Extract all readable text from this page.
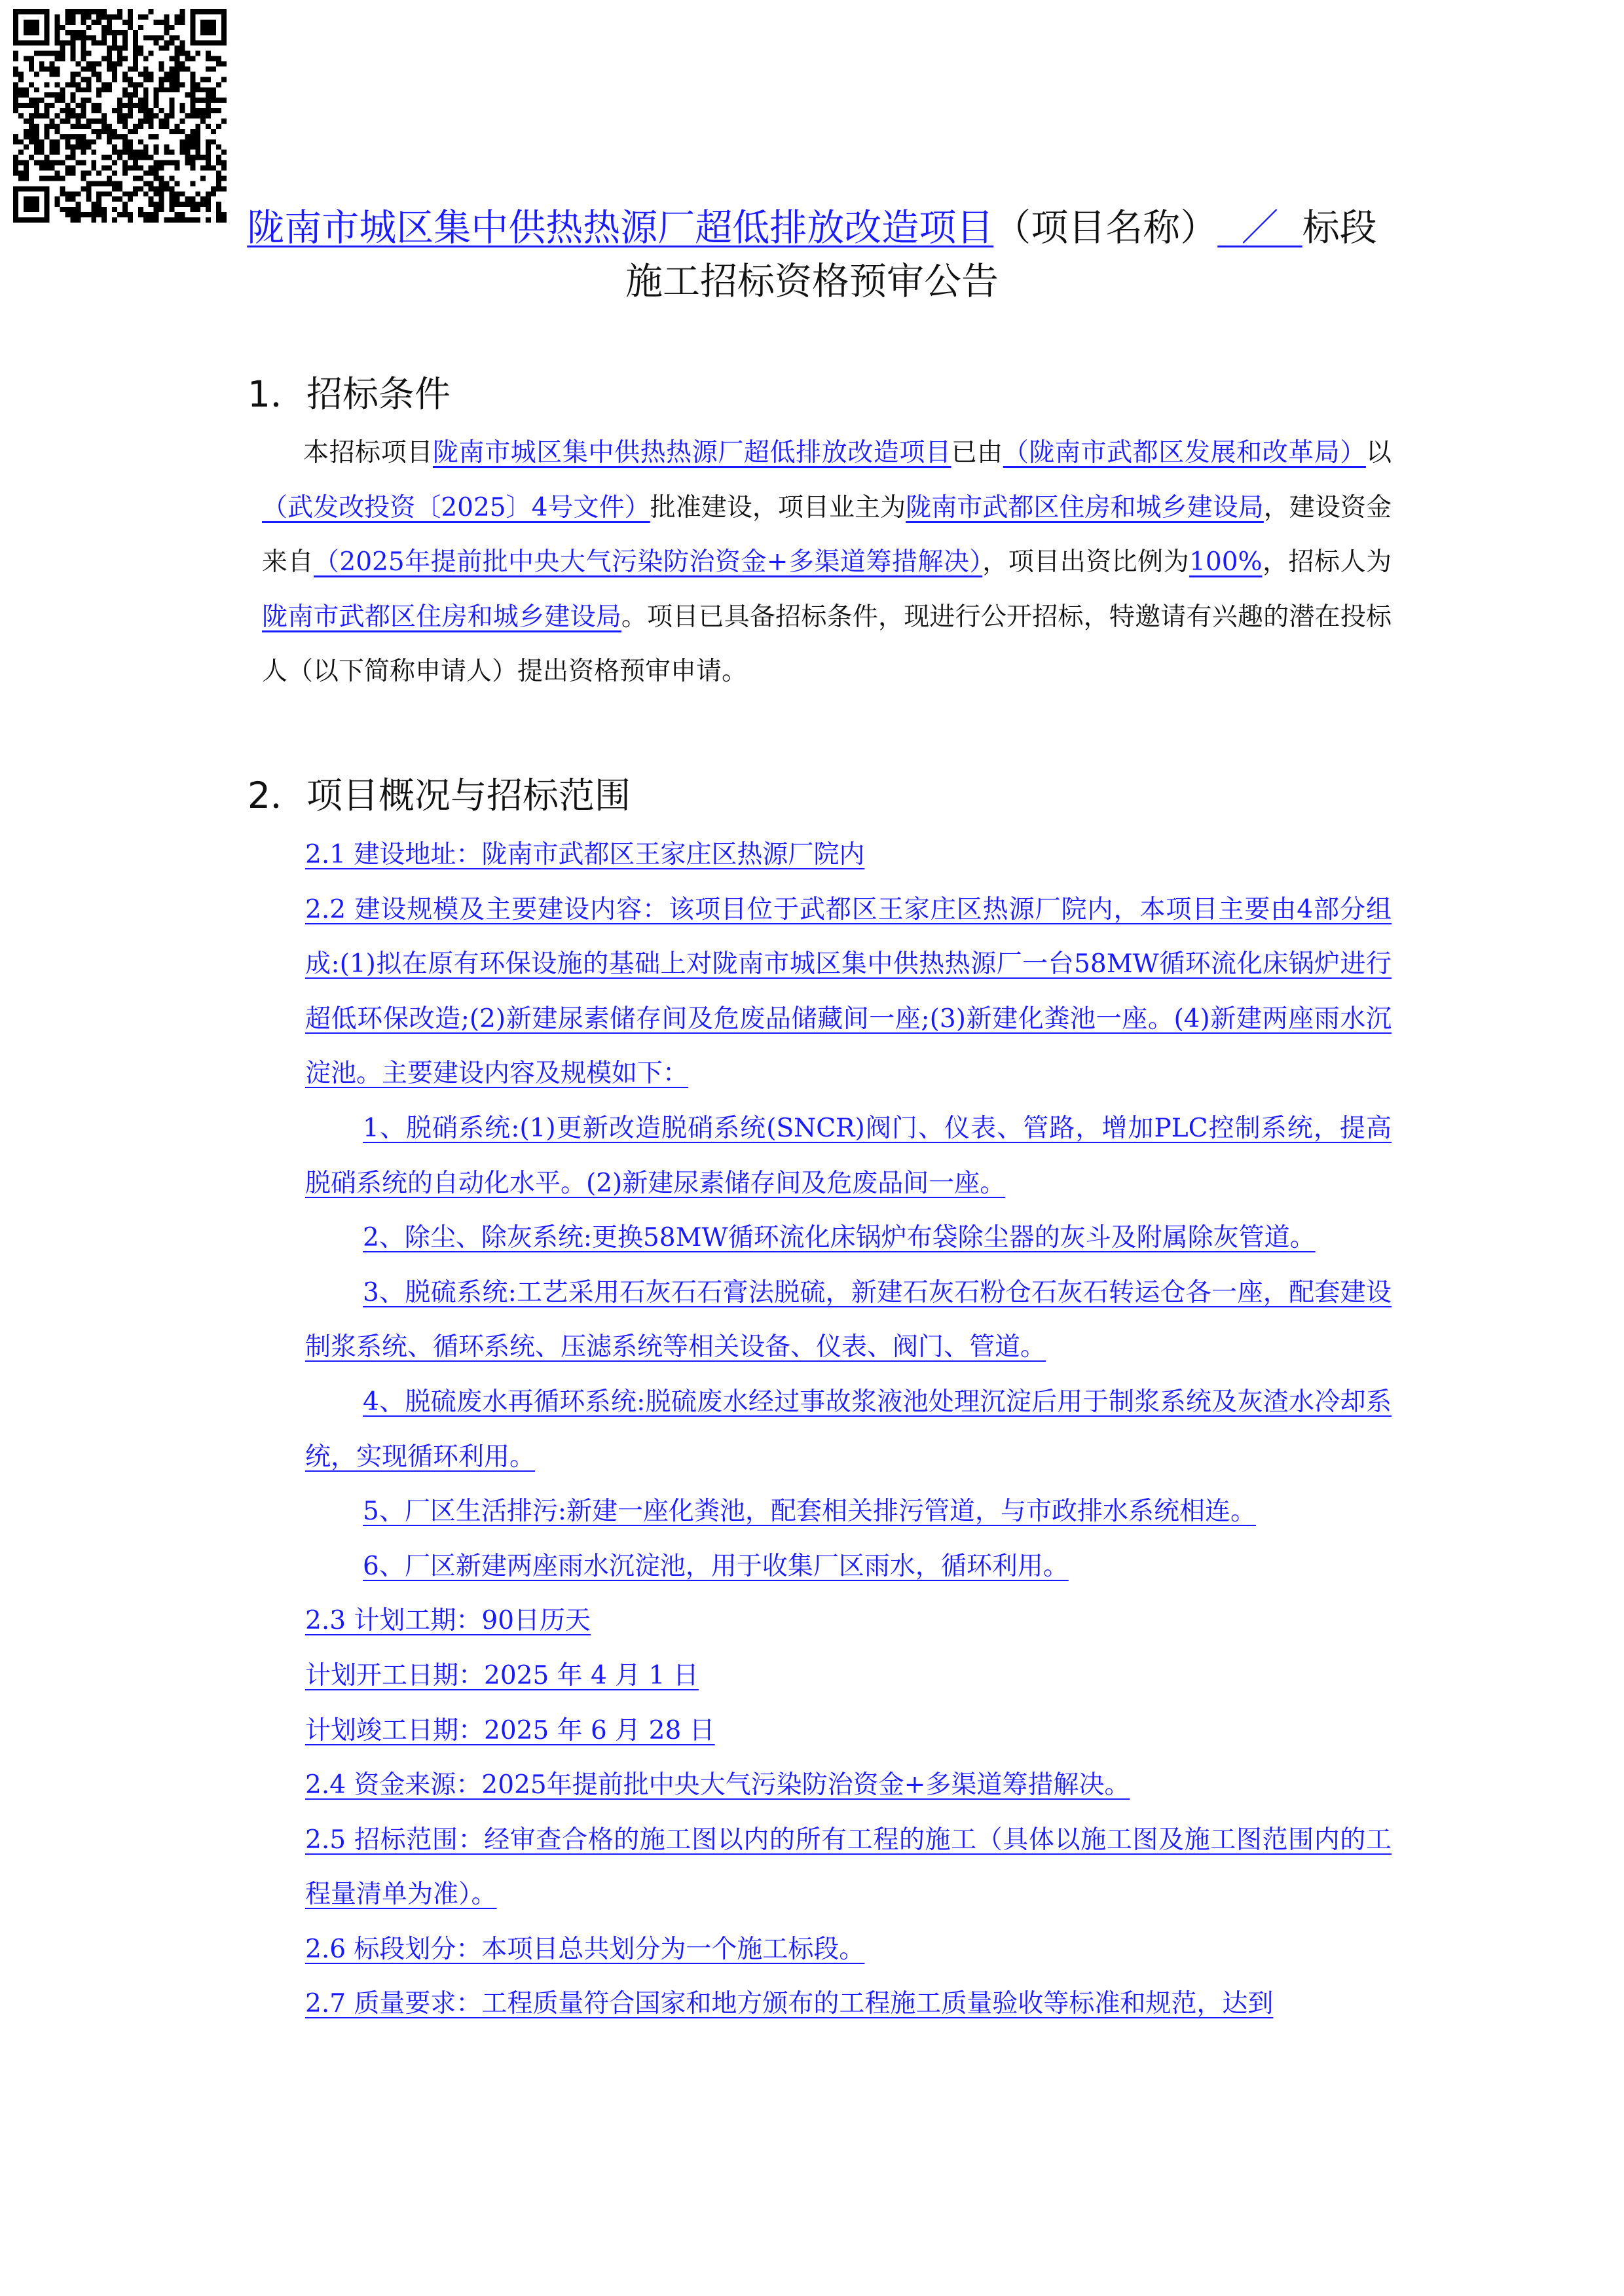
陇南市城区集中供热热源厂超低排放改造项目（项目名称） ／ 标段
施工招标资格预审公告
1．招标条件
本招标项目陇南市城区集中供热热源厂超低排放改造项目已由（陇南市武都区发展和改革局）以（武发改投资〔2025〕4号文件）批准建设，项目业主为陇南市武都区住房和城乡建设局，建设资金来自（2025年提前批中央大气污染防治资金+多渠道筹措解决），项目出资比例为100%，招标人为陇南市武都区住房和城乡建设局。项目已具备招标条件，现进行公开招标，特邀请有兴趣的潜在投标人（以下简称申请人）提出资格预审申请。
2．项目概况与招标范围

2.1 建设地址：陇南市武都区王家庄区热源厂院内

2.2 建设规模及主要建设内容：该项目位于武都区王家庄区热源厂院内，本项目主要由4部分组成:(1)拟在原有环保设施的基础上对陇南市城区集中供热热源厂一台58MW循环流化床锅炉进行超低环保改造;(2)新建尿素储存间及危废品储藏间一座;(3)新建化粪池一座。(4)新建两座雨水沉淀池。主要建设内容及规模如下：

1、脱硝系统:(1)更新改造脱硝系统(SNCR)阀门、仪表、管路，增加PLC控制系统，提高脱硝系统的自动化水平。(2)新建尿素储存间及危废品间一座。

2、除尘、除灰系统:更换58MW循环流化床锅炉布袋除尘器的灰斗及附属除灰管道。

3、脱硫系统:工艺采用石灰石石膏法脱硫，新建石灰石粉仓石灰石转运仓各一座，配套建设制浆系统、循环系统、压滤系统等相关设备、仪表、阀门、管道。

4、脱硫废水再循环系统:脱硫废水经过事故浆液池处理沉淀后用于制浆系统及灰渣水冷却系统，实现循环利用。

5、厂区生活排污:新建一座化粪池，配套相关排污管道，与市政排水系统相连。

6、厂区新建两座雨水沉淀池，用于收集厂区雨水，循环利用。

2.3 计划工期：90日历天

计划开工日期：2025 年 4 月 1 日

计划竣工日期：2025 年 6 月 28 日

2.4 资金来源：2025年提前批中央大气污染防治资金+多渠道筹措解决。

2.5 招标范围：经审查合格的施工图以内的所有工程的施工（具体以施工图及施工图范围内的工程量清单为准）。

2.6 标段划分：本项目总共划分为一个施工标段。

2.7 质量要求：工程质量符合国家和地方颁布的工程施工质量验收等标准和规范，达到
